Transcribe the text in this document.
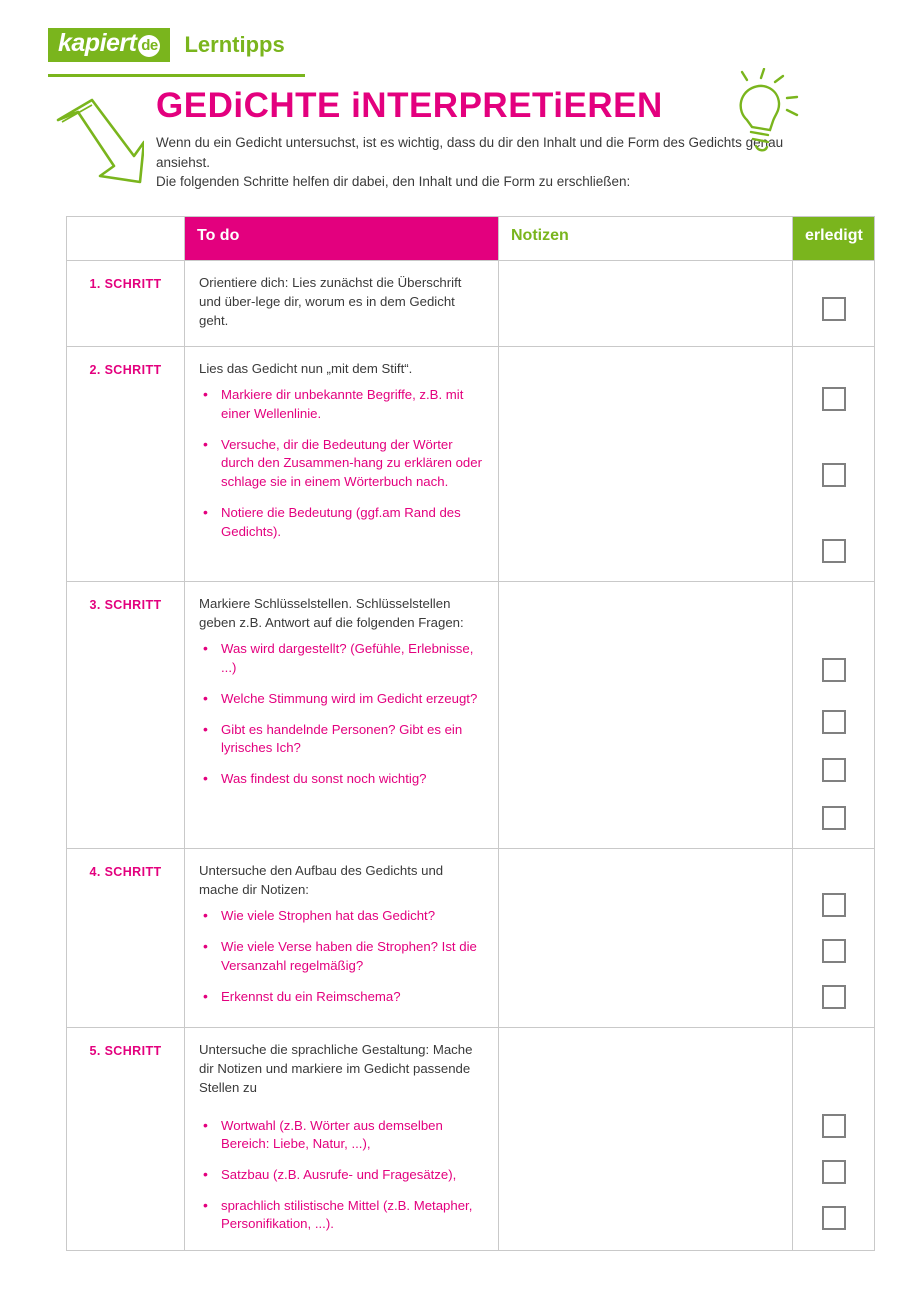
kapiert de	Lerntipps
GEDiCHTE iNTERPRETiEREN
Wenn du ein Gedicht untersuchst, ist es wichtig, dass du dir den Inhalt und die Form des Gedichts genau ansiehst.
Die folgenden Schritte helfen dir dabei, den Inhalt und die Form zu erschließen:
	To do	Notizen	erledigt
1. SCHRITT	Orientiere dich: Lies zunächst die Überschrift und über-lege dir, worum es in dem Gedicht geht.		

2. SCHRITT	Lies das Gedicht nun „mit dem Stift“.

• Markiere dir unbekannte Begriffe, z.B. mit einer Wellenlinie.
• Versuche, dir die Bedeutung der Wörter durch den Zusammen-hang zu erklären oder schlage sie in einem Wörterbuch nach.
• Notiere die Bedeutung (ggf.am Rand des Gedichts).

3. SCHRITT	Markiere Schlüsselstellen. Schlüsselstellen geben z.B. Antwort auf die folgenden Fragen:

• Was wird dargestellt? (Gefühle, Erlebnisse, ...)
• Welche Stimmung wird im Gedicht erzeugt?
• Gibt es handelnde Personen? Gibt es ein lyrisches Ich?
• Was findest du sonst noch wichtig?

4. SCHRITT	Untersuche den Aufbau des Gedichts und mache dir Notizen:

• Wie viele Strophen hat das Gedicht?
• Wie viele Verse haben die Strophen? Ist die Versanzahl regelmäßig?
• Erkennst du ein Reimschema?

5. SCHRITT	Untersuche die sprachliche Gestaltung: Mache dir Notizen und markiere im Gedicht passende Stellen zu

• Wortwahl (z.B. Wörter aus demselben Bereich: Liebe, Natur, ...),
• Satzbau (z.B. Ausrufe- und Fragesätze),
• sprachlich stilistische Mittel (z.B. Metapher, Personifikation, ...).
